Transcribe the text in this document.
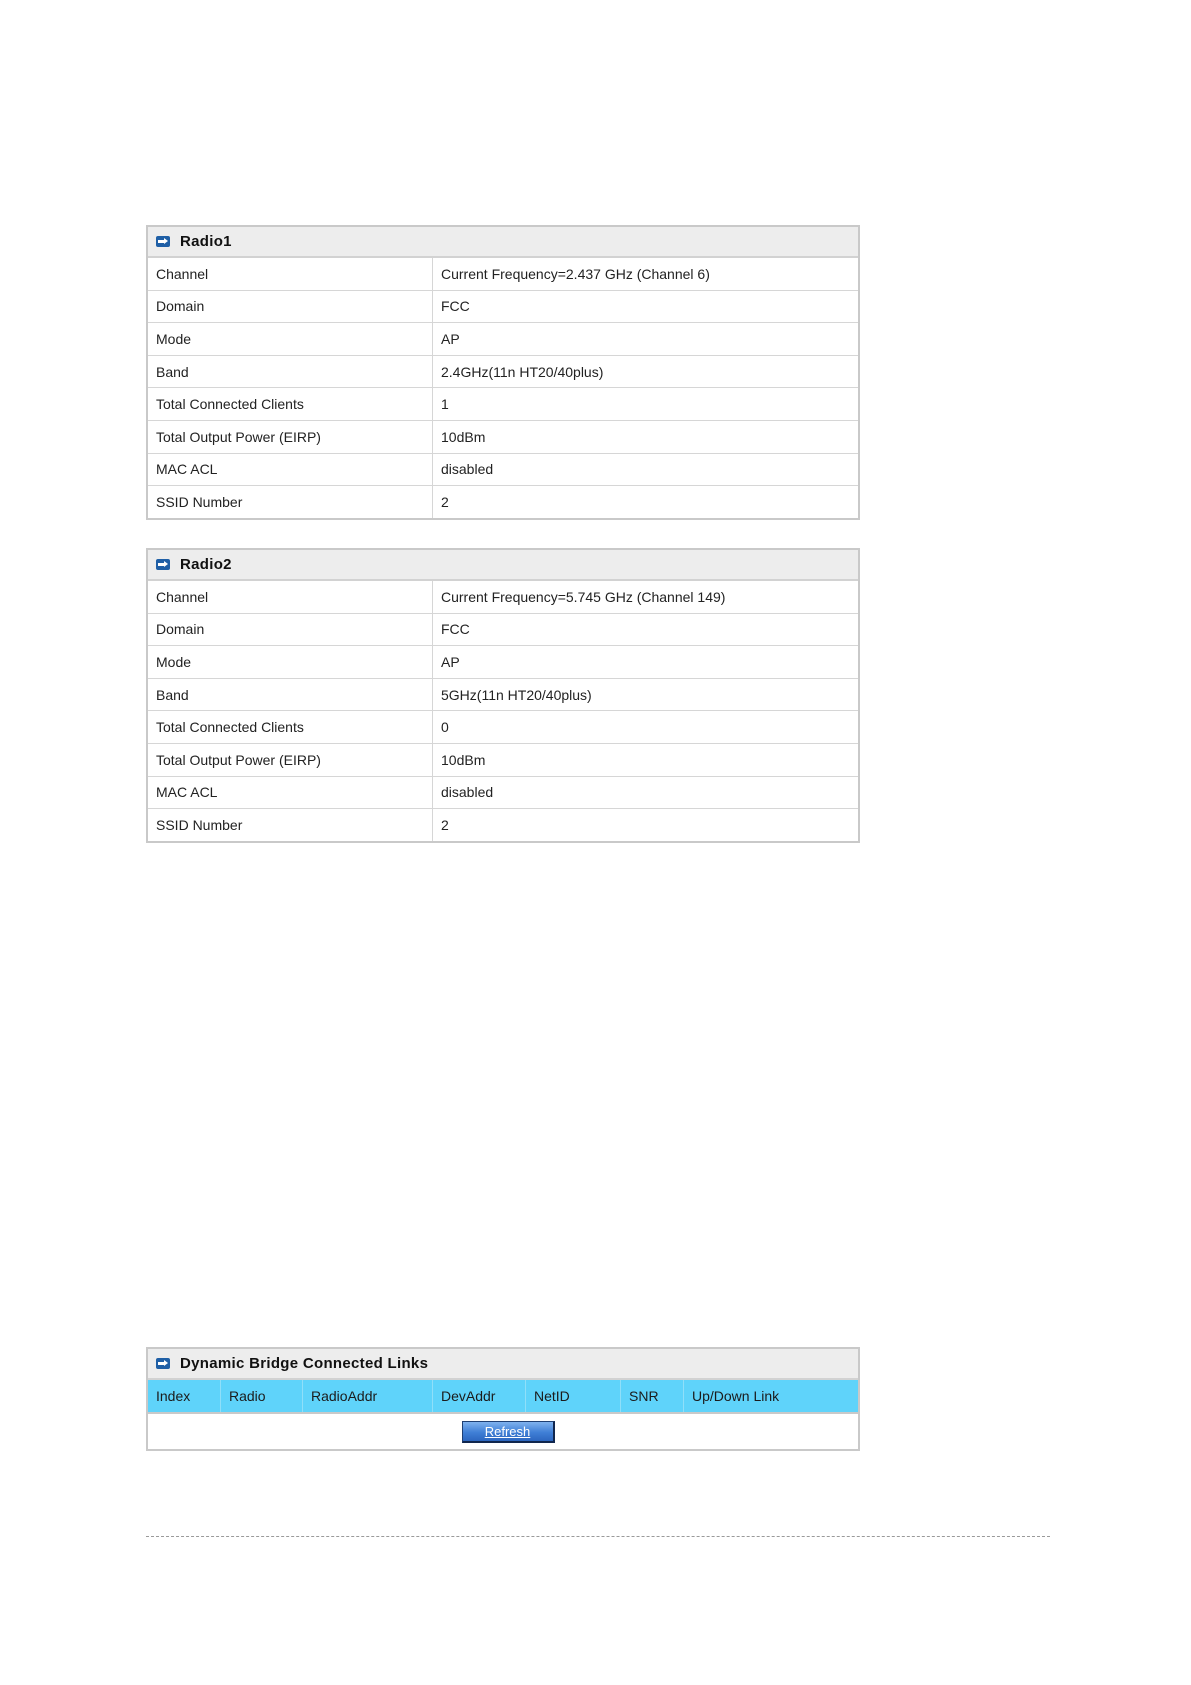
Radio1
Channel	Current Frequency=2.437 GHz (Channel 6)
Domain	FCC
Mode	AP
Band	2.4GHz(11n HT20/40plus)
Total Connected Clients	1
Total Output Power (EIRP)	10dBm
MAC ACL	disabled
SSID Number	2
Radio2
Channel	Current Frequency=5.745 GHz (Channel 149)
Domain	FCC
Mode	AP
Band	5GHz(11n HT20/40plus)
Total Connected Clients	0
Total Output Power (EIRP)	10dBm
MAC ACL	disabled
SSID Number	2
Dynamic Bridge Connected Links
Index	Radio	RadioAddr	DevAddr	NetID	SNR	Up/Down Link
Refresh
